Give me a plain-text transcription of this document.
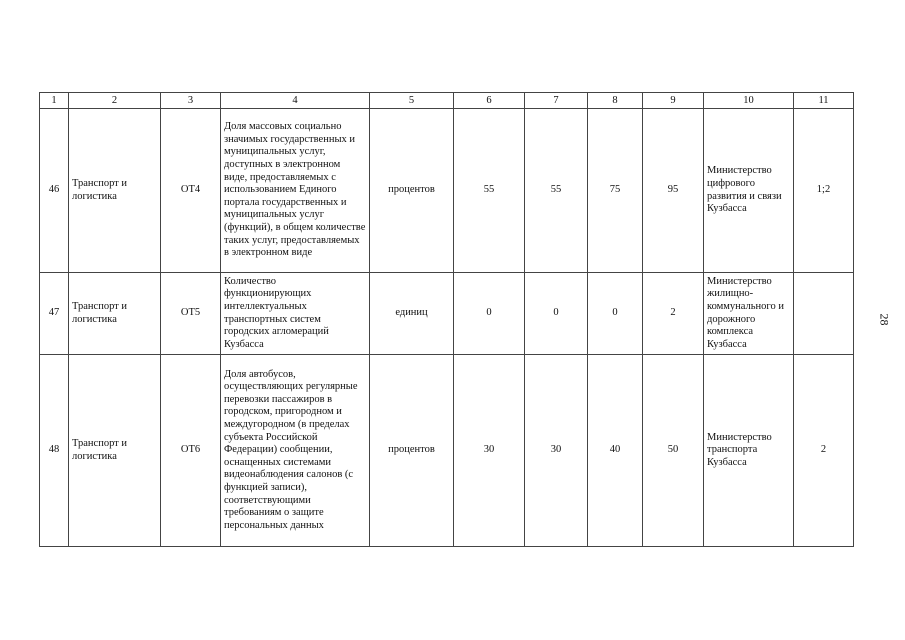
1	2	3	4	5	6	7	8	9	10	11
46	Транспорт и логистика	ОТ4	Доля массовых социально значимых государственных и муниципальных услуг, доступных в электронном виде, предоставляемых с использованием Единого портала государственных и муниципальных услуг (функций), в общем количестве таких услуг, предоставляемых в электронном виде	процентов	55	55	75	95	Министерство цифрового развития и связи Кузбасса	1;2
47	Транспорт и логистика	ОТ5	Количество функционирующих интеллектуальных транспортных систем городских агломераций Кузбасса	единиц	0	0	0	2	Министерство жилищно-коммунального и дорожного комплекса Кузбасса	
48	Транспорт и логистика	ОТ6	Доля автобусов, осуществляющих регулярные перевозки пассажиров в городском, пригородном и междугородном (в пределах субъекта Российской Федерации) сообщении, оснащенных системами видеонаблюдения салонов (с функцией записи), соответствующими требованиям о защите персональных данных	процентов	30	30	40	50	Министерство транспорта Кузбасса	2
28
